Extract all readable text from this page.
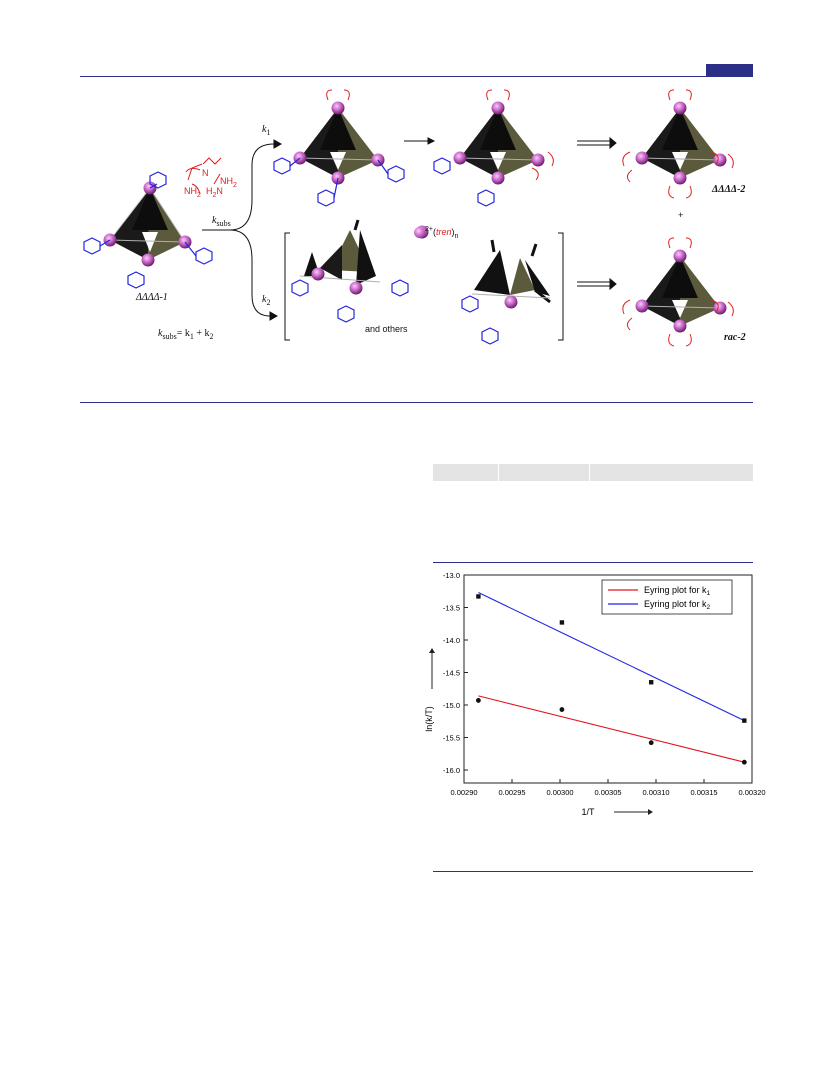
ΔΔΔΔ-1
$k_{subs}$
$k_{subs}= k_1 + k_2$
$k_1$
$k_2$
$^{2+}(tren)_n$
and others
ΔΔΔΔ-2
+
rac-2
N
$NH_2$ $H_2N$
$NH_2$
0.00290	0.00295	0.00300	0.00305	0.00310	0.00315	0.00320
-13.0
-13.5
-14.0
-14.5
-15.0
-15.5
-16.0
1/T
ln(k/T)
Eyring plot for $k_1$
Eyring plot for $k_2$
